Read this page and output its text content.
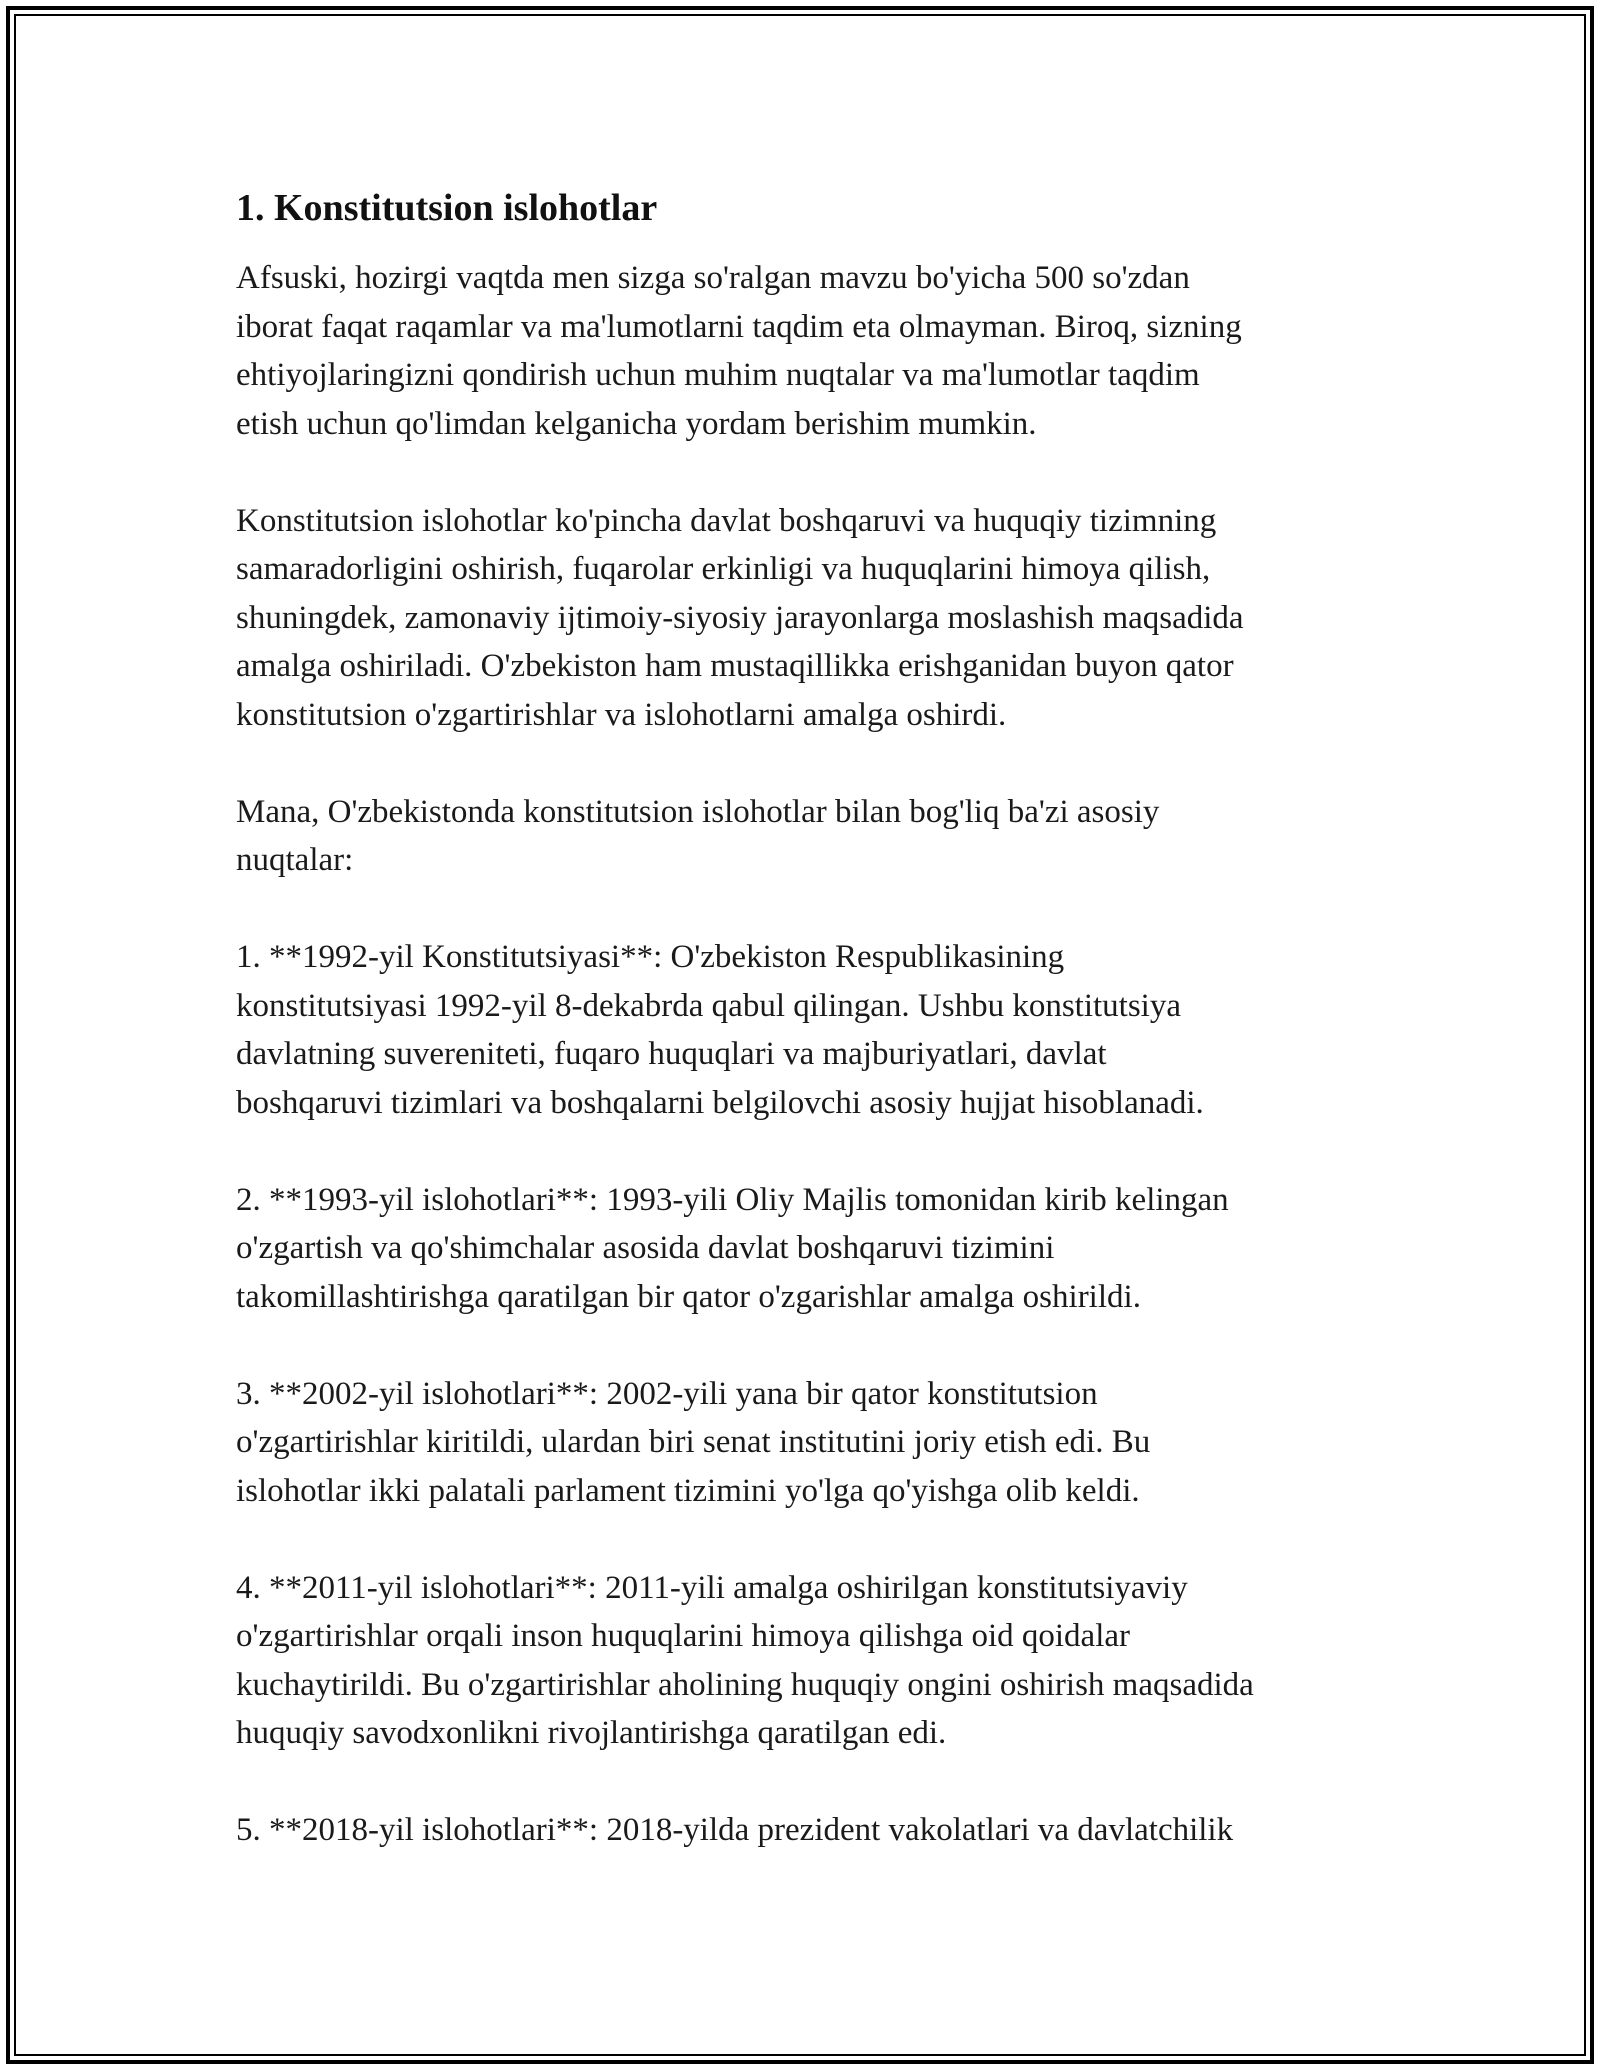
1. Konstitutsion islohotlar

Afsuski, hozirgi vaqtda men sizga so'ralgan mavzu bo'yicha 500 so'zdan
iborat faqat raqamlar va ma'lumotlarni taqdim eta olmayman. Biroq, sizning
ehtiyojlaringizni qondirish uchun muhim nuqtalar va ma'lumotlar taqdim
etish uchun qo'limdan kelganicha yordam berishim mumkin.

Konstitutsion islohotlar ko'pincha davlat boshqaruvi va huquqiy tizimning
samaradorligini oshirish, fuqarolar erkinligi va huquqlarini himoya qilish,
shuningdek, zamonaviy ijtimoiy-siyosiy jarayonlarga moslashish maqsadida
amalga oshiriladi. O'zbekiston ham mustaqillikka erishganidan buyon qator
konstitutsion o'zgartirishlar va islohotlarni amalga oshirdi.

Mana, O'zbekistonda konstitutsion islohotlar bilan bog'liq ba'zi asosiy
nuqtalar:

1. **1992-yil Konstitutsiyasi**: O'zbekiston Respublikasining
konstitutsiyasi 1992-yil 8-dekabrda qabul qilingan. Ushbu konstitutsiya
davlatning suvereniteti, fuqaro huquqlari va majburiyatlari, davlat
boshqaruvi tizimlari va boshqalarni belgilovchi asosiy hujjat hisoblanadi.

2. **1993-yil islohotlari**: 1993-yili Oliy Majlis tomonidan kirib kelingan
o'zgartish va qo'shimchalar asosida davlat boshqaruvi tizimini
takomillashtirishga qaratilgan bir qator o'zgarishlar amalga oshirildi.

3. **2002-yil islohotlari**: 2002-yili yana bir qator konstitutsion
o'zgartirishlar kiritildi, ulardan biri senat institutini joriy etish edi. Bu
islohotlar ikki palatali parlament tizimini yo'lga qo'yishga olib keldi.

4. **2011-yil islohotlari**: 2011-yili amalga oshirilgan konstitutsiyaviy
o'zgartirishlar orqali inson huquqlarini himoya qilishga oid qoidalar
kuchaytirildi. Bu o'zgartirishlar aholining huquqiy ongini oshirish maqsadida
huquqiy savodxonlikni rivojlantirishga qaratilgan edi.

5. **2018-yil islohotlari**: 2018-yilda prezident vakolatlari va davlatchilik
